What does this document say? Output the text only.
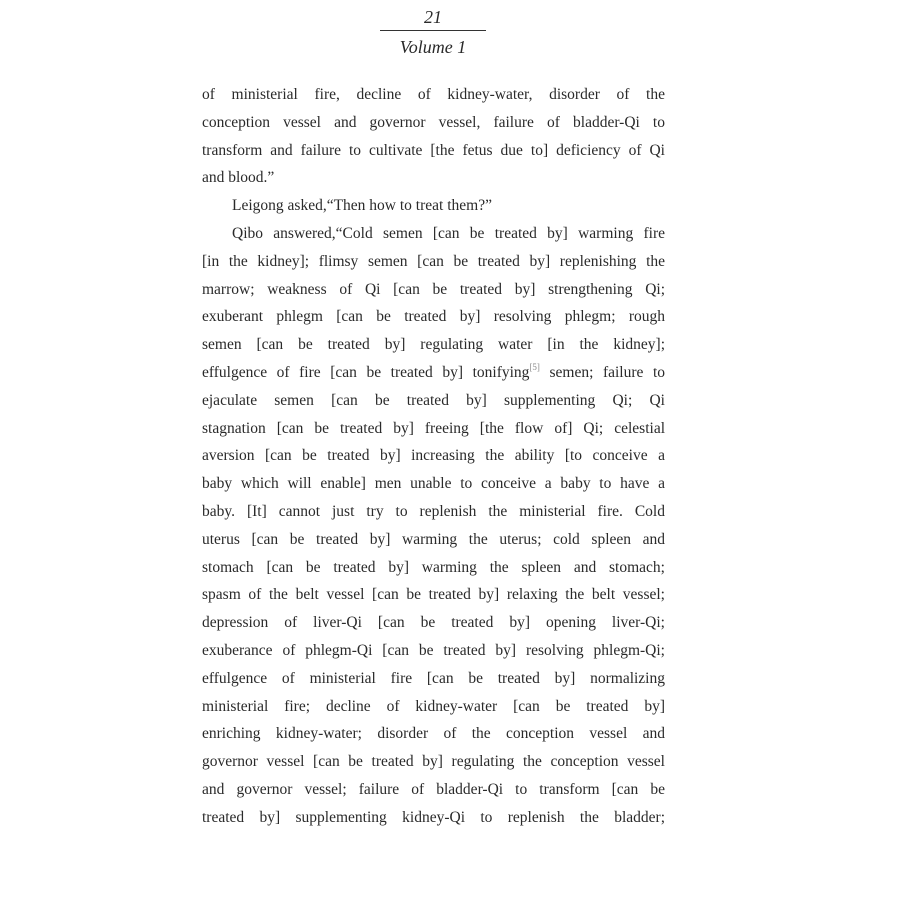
21
Volume 1
of ministerial fire, decline of kidney-water, disorder of the
conception vessel and governor vessel, failure of bladder-Qi to
transform and failure to cultivate [the fetus due to] deficiency of Qi
and blood.”
Leigong asked,“Then how to treat them?”
Qibo answered,“Cold semen [can be treated by] warming fire
[in the kidney]; flimsy semen [can be treated by] replenishing the
marrow; weakness of Qi [can be treated by] strengthening Qi;
exuberant phlegm [can be treated by] resolving phlegm; rough
semen [can be treated by] regulating water [in the kidney];
effulgence of fire [can be treated by] tonifying[5] semen; failure to
ejaculate semen [can be treated by] supplementing Qi; Qi
stagnation [can be treated by] freeing [the flow of] Qi; celestial
aversion [can be treated by] increasing the ability [to conceive a
baby which will enable] men unable to conceive a baby to have a
baby. [It] cannot just try to replenish the ministerial fire. Cold
uterus [can be treated by] warming the uterus; cold spleen and
stomach [can be treated by] warming the spleen and stomach;
spasm of the belt vessel [can be treated by] relaxing the belt vessel;
depression of liver-Qi [can be treated by] opening liver-Qi;
exuberance of phlegm-Qi [can be treated by] resolving phlegm-Qi;
effulgence of ministerial fire [can be treated by] normalizing
ministerial fire; decline of kidney-water [can be treated by]
enriching kidney-water; disorder of the conception vessel and
governor vessel [can be treated by] regulating the conception vessel
and governor vessel; failure of bladder-Qi to transform [can be
treated by] supplementing kidney-Qi to replenish the bladder;
